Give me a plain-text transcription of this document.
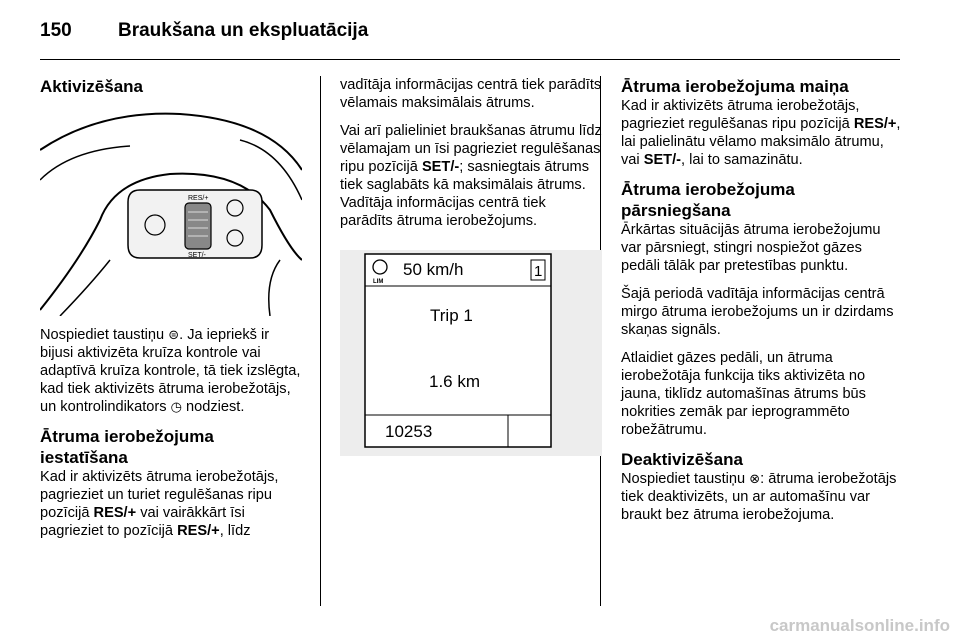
150 Braukšana un ekspluatācija
Aktivizēšana
RES/+
SET/-

Nospiediet taustiņu ⊜. Ja iepriekš ir bijusi aktivizēta kruīza kontrole vai adaptīvā kruīza kontrole, tā tiek izslēgta, kad tiek aktivizēts ātruma ierobežotājs, un kontrolindikators ◷ nodziest.

Ātruma ierobežojuma iestatīšana

Kad ir aktivizēts ātruma ierobežotājs, pagrieziet un turiet regulēšanas ripu pozīcijā RES/+ vai vairākkārt īsi pagrieziet to pozīcijā RES/+, līdz

vadītāja informācijas centrā tiek parādīts vēlamais maksimālais ātrums.

Vai arī palieliniet braukšanas ātrumu līdz vēlamajam un īsi pagrieziet regulēšanas ripu pozīcijā SET/-; sasniegtais ātrums tiek saglabāts kā maksimālais ātrums. Vadītāja informācijas centrā tiek parādīts ātruma ierobežojums.

LIM
50 km/h	1
Trip 1
1.6 km
10253
Ātruma ierobežojuma maiņa

Kad ir aktivizēts ātruma ierobežotājs, pagrieziet regulēšanas ripu pozīcijā RES/+, lai palielinātu vēlamo maksimālo ātrumu, vai SET/-, lai to samazinātu.

Ātruma ierobežojuma pārsniegšana

Ārkārtas situācijās ātruma ierobežojumu var pārsniegt, stingri nospiežot gāzes pedāli tālāk par pretestības punktu.

Šajā periodā vadītāja informācijas centrā mirgo ātruma ierobežojums un ir dzirdams skaņas signāls.

Atlaidiet gāzes pedāli, un ātruma ierobežotāja funkcija tiks aktivizēta no jauna, tiklīdz automašīnas ātrums būs nokrities zemāk par ieprogrammēto robežātrumu.

Deaktivizēšana

Nospiediet taustiņu ⊗: ātruma ierobežotājs tiek deaktivizēts, un ar automašīnu var braukt bez ātruma ierobežojuma.

carmanualsonline.info
